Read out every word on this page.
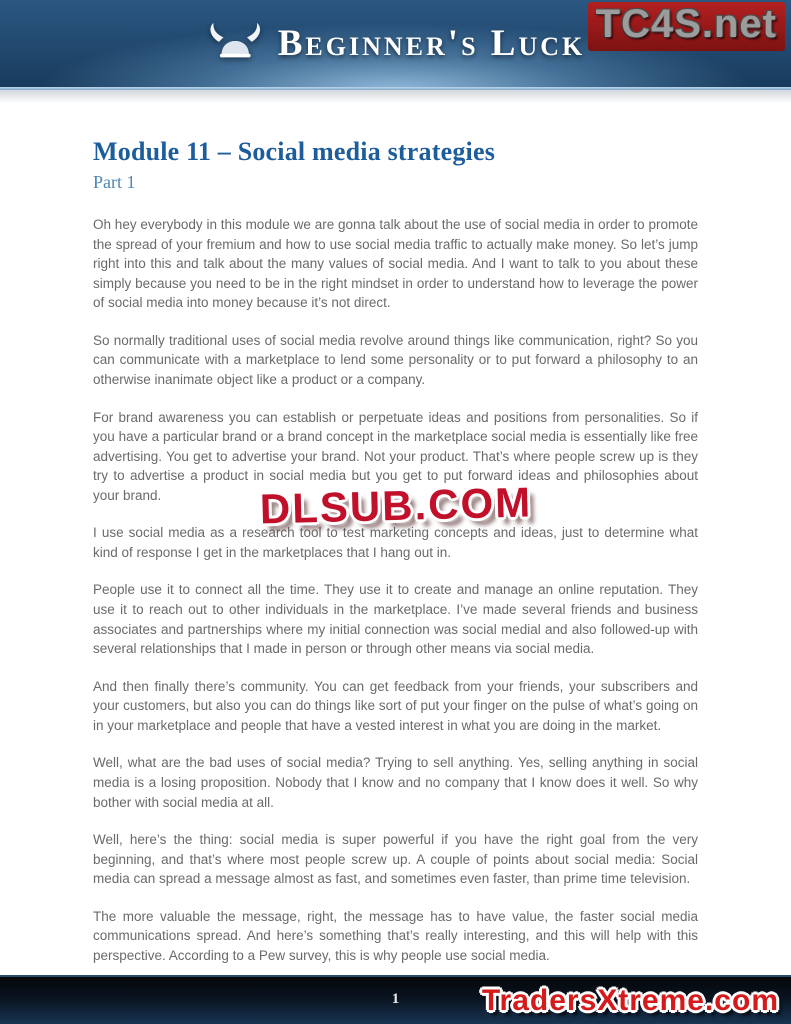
Beginner's Luck TC4S.net
Module 11 – Social media strategies
Part 1

Oh hey everybody in this module we are gonna talk about the use of social media in order to promote the spread of your fremium and how to use social media traffic to actually make money. So let’s jump right into this and talk about the many values of social media. And I want to talk to you about these simply because you need to be in the right mindset in order to understand how to leverage the power of social media into money because it’s not direct.

So normally traditional uses of social media revolve around things like communication, right? So you can communicate with a marketplace to lend some personality or to put forward a philosophy to an otherwise inanimate object like a product or a company.

For brand awareness you can establish or perpetuate ideas and positions from personalities. So if you have a particular brand or a brand concept in the marketplace social media is essentially like free advertising. You get to advertise your brand. Not your product. That’s where people screw up is they try to advertise a product in social media but you get to put forward ideas and philosophies about your brand.

I use social media as a research tool to test marketing concepts and ideas, just to determine what kind of response I get in the marketplaces that I hang out in.

People use it to connect all the time. They use it to create and manage an online reputation. They use it to reach out to other individuals in the marketplace. I’ve made several friends and business associates and partnerships where my initial connection was social medial and also followed-up with several relationships that I made in person or through other means via social media.

And then finally there’s community. You can get feedback from your friends, your subscribers and your customers, but also you can do things like sort of put your finger on the pulse of what’s going on in your marketplace and people that have a vested interest in what you are doing in the market.

Well, what are the bad uses of social media? Trying to sell anything. Yes, selling anything in social media is a losing proposition. Nobody that I know and no company that I know does it well. So why bother with social media at all.

Well, here’s the thing: social media is super powerful if you have the right goal from the very beginning, and that’s where most people screw up. A couple of points about social media: Social media can spread a message almost as fast, and sometimes even faster, than prime time television.

The more valuable the message, right, the message has to have value, the faster social media communications spread. And here’s something that’s really interesting, and this will help with this perspective. According to a Pew survey, this is why people use social media.

DLSUB.COM
1	TradersXtreme.com
